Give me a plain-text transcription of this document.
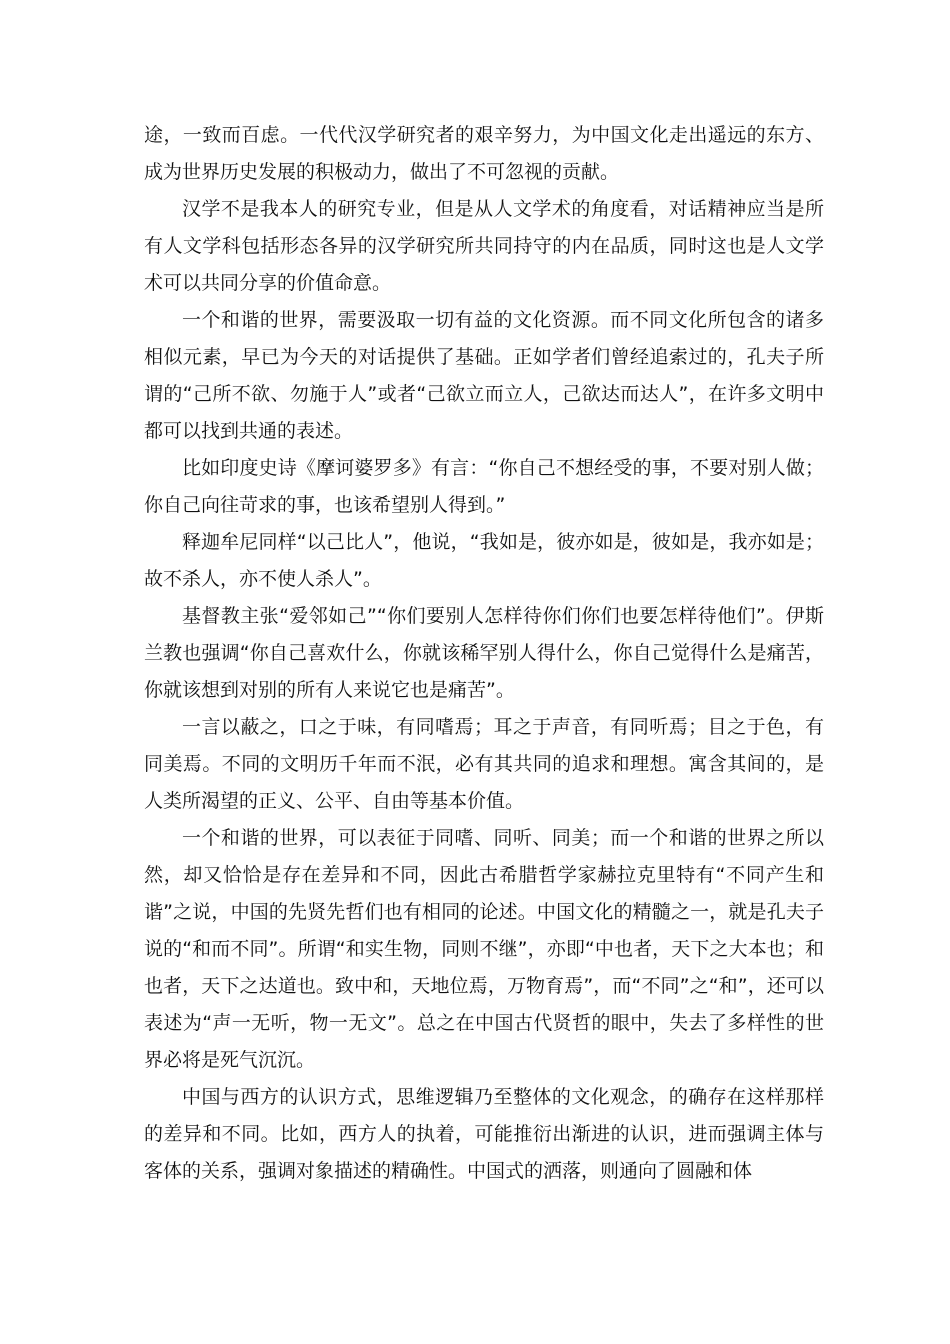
途，一致而百虑。一代代汉学研究者的艰辛努力，为中国文化走出遥远的东方、成为世界历史发展的积极动力，做出了不可忽视的贡献。

汉学不是我本人的研究专业，但是从人文学术的角度看，对话精神应当是所有人文学科包括形态各异的汉学研究所共同持守的内在品质，同时这也是人文学术可以共同分享的价值命意。

一个和谐的世界，需要汲取一切有益的文化资源。而不同文化所包含的诸多相似元素，早已为今天的对话提供了基础。正如学者们曾经追索过的，孔夫子所谓的“己所不欲、勿施于人”或者“己欲立而立人，己欲达而达人”，在许多文明中都可以找到共通的表述。

比如印度史诗《摩诃婆罗多》有言：“你自己不想经受的事，不要对别人做；你自己向往苛求的事，也该希望别人得到。”

释迦牟尼同样“以己比人”，他说，“我如是，彼亦如是，彼如是，我亦如是；故不杀人，亦不使人杀人”。

基督教主张“爱邻如己”“你们要别人怎样待你们你们也要怎样待他们”。伊斯兰教也强调“你自己喜欢什么，你就该稀罕别人得什么，你自己觉得什么是痛苦，你就该想到对别的所有人来说它也是痛苦”。

一言以蔽之，口之于味，有同嗜焉；耳之于声音，有同听焉；目之于色，有同美焉。不同的文明历千年而不泯，必有其共同的追求和理想。寓含其间的，是人类所渴望的正义、公平、自由等基本价值。

一个和谐的世界，可以表征于同嗜、同听、同美；而一个和谐的世界之所以然，却又恰恰是存在差异和不同，因此古希腊哲学家赫拉克里特有“不同产生和谐”之说，中国的先贤先哲们也有相同的论述。中国文化的精髓之一，就是孔夫子说的“和而不同”。所谓“和实生物，同则不继”，亦即“中也者，天下之大本也；和也者，天下之达道也。致中和，天地位焉，万物育焉”，而“不同”之“和”，还可以表述为“声一无听，物一无文”。总之在中国古代贤哲的眼中，失去了多样性的世界必将是死气沉沉。

中国与西方的认识方式，思维逻辑乃至整体的文化观念，的确存在这样那样的差异和不同。比如，西方人的执着，可能推衍出渐进的认识，进而强调主体与客体的关系，强调对象描述的精确性。中国式的洒落，则通向了圆融和体
